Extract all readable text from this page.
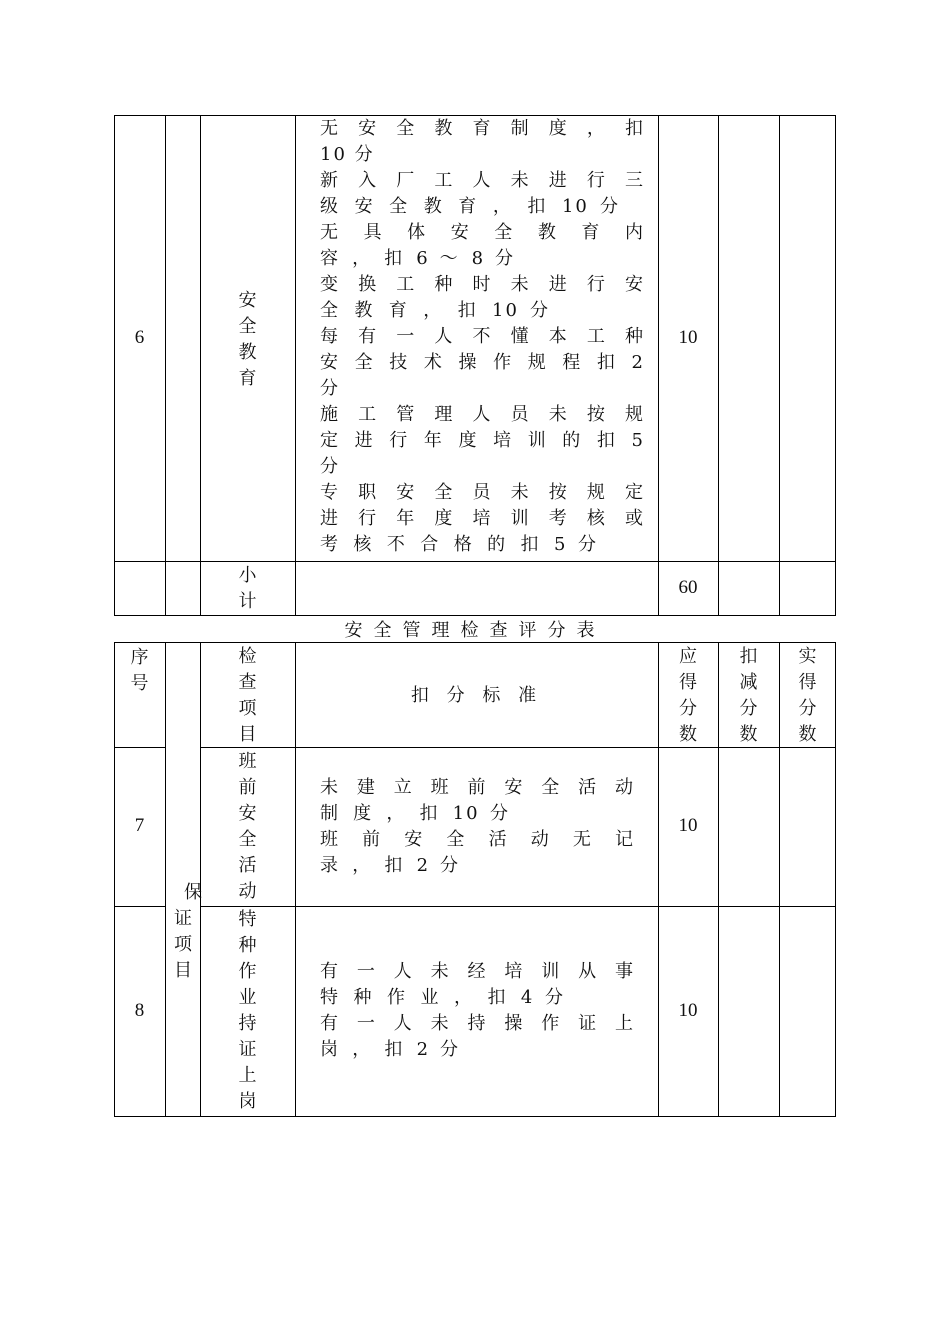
6
安
全
教
育
无 安 全 教 育 制 度 ， 扣
10 分
新 入 厂 工 人 未 进 行 三
级 安 全 教 育 ， 扣 10 分
无 具 体 安 全 教 育 内
容 ， 扣 6 ～ 8 分
变 换 工 种 时 未 进 行 安
全 教 育 ， 扣 10 分
每 有 一 人 不 懂 本 工 种
安 全 技 术 操 作 规 程 扣 2
分
施 工 管 理 人 员 未 按 规
定 进 行 年 度 培 训 的 扣 5
分
专 职 安 全 员 未 按 规 定
进 行 年 度 培 训 考 核 或
考 核 不 合 格 的 扣 5 分
10
小
计
60
安全管理检查评分表
序
号
检
查
项
目
扣 分 标 准
应
得
分
数
扣
减
分
数
实
得
分
数
保
证
项
目
7
班
前
安
全
活
动
未 建 立 班 前 安 全 活 动
制 度 ， 扣 10 分
班 前 安 全 活 动 无 记
录 ， 扣 2 分
10
8
特
种
作
业
持
证
上
岗
有 一 人 未 经 培 训 从 事
特 种 作 业 ， 扣 4 分
有 一 人 未 持 操 作 证 上
岗 ， 扣 2 分
10
